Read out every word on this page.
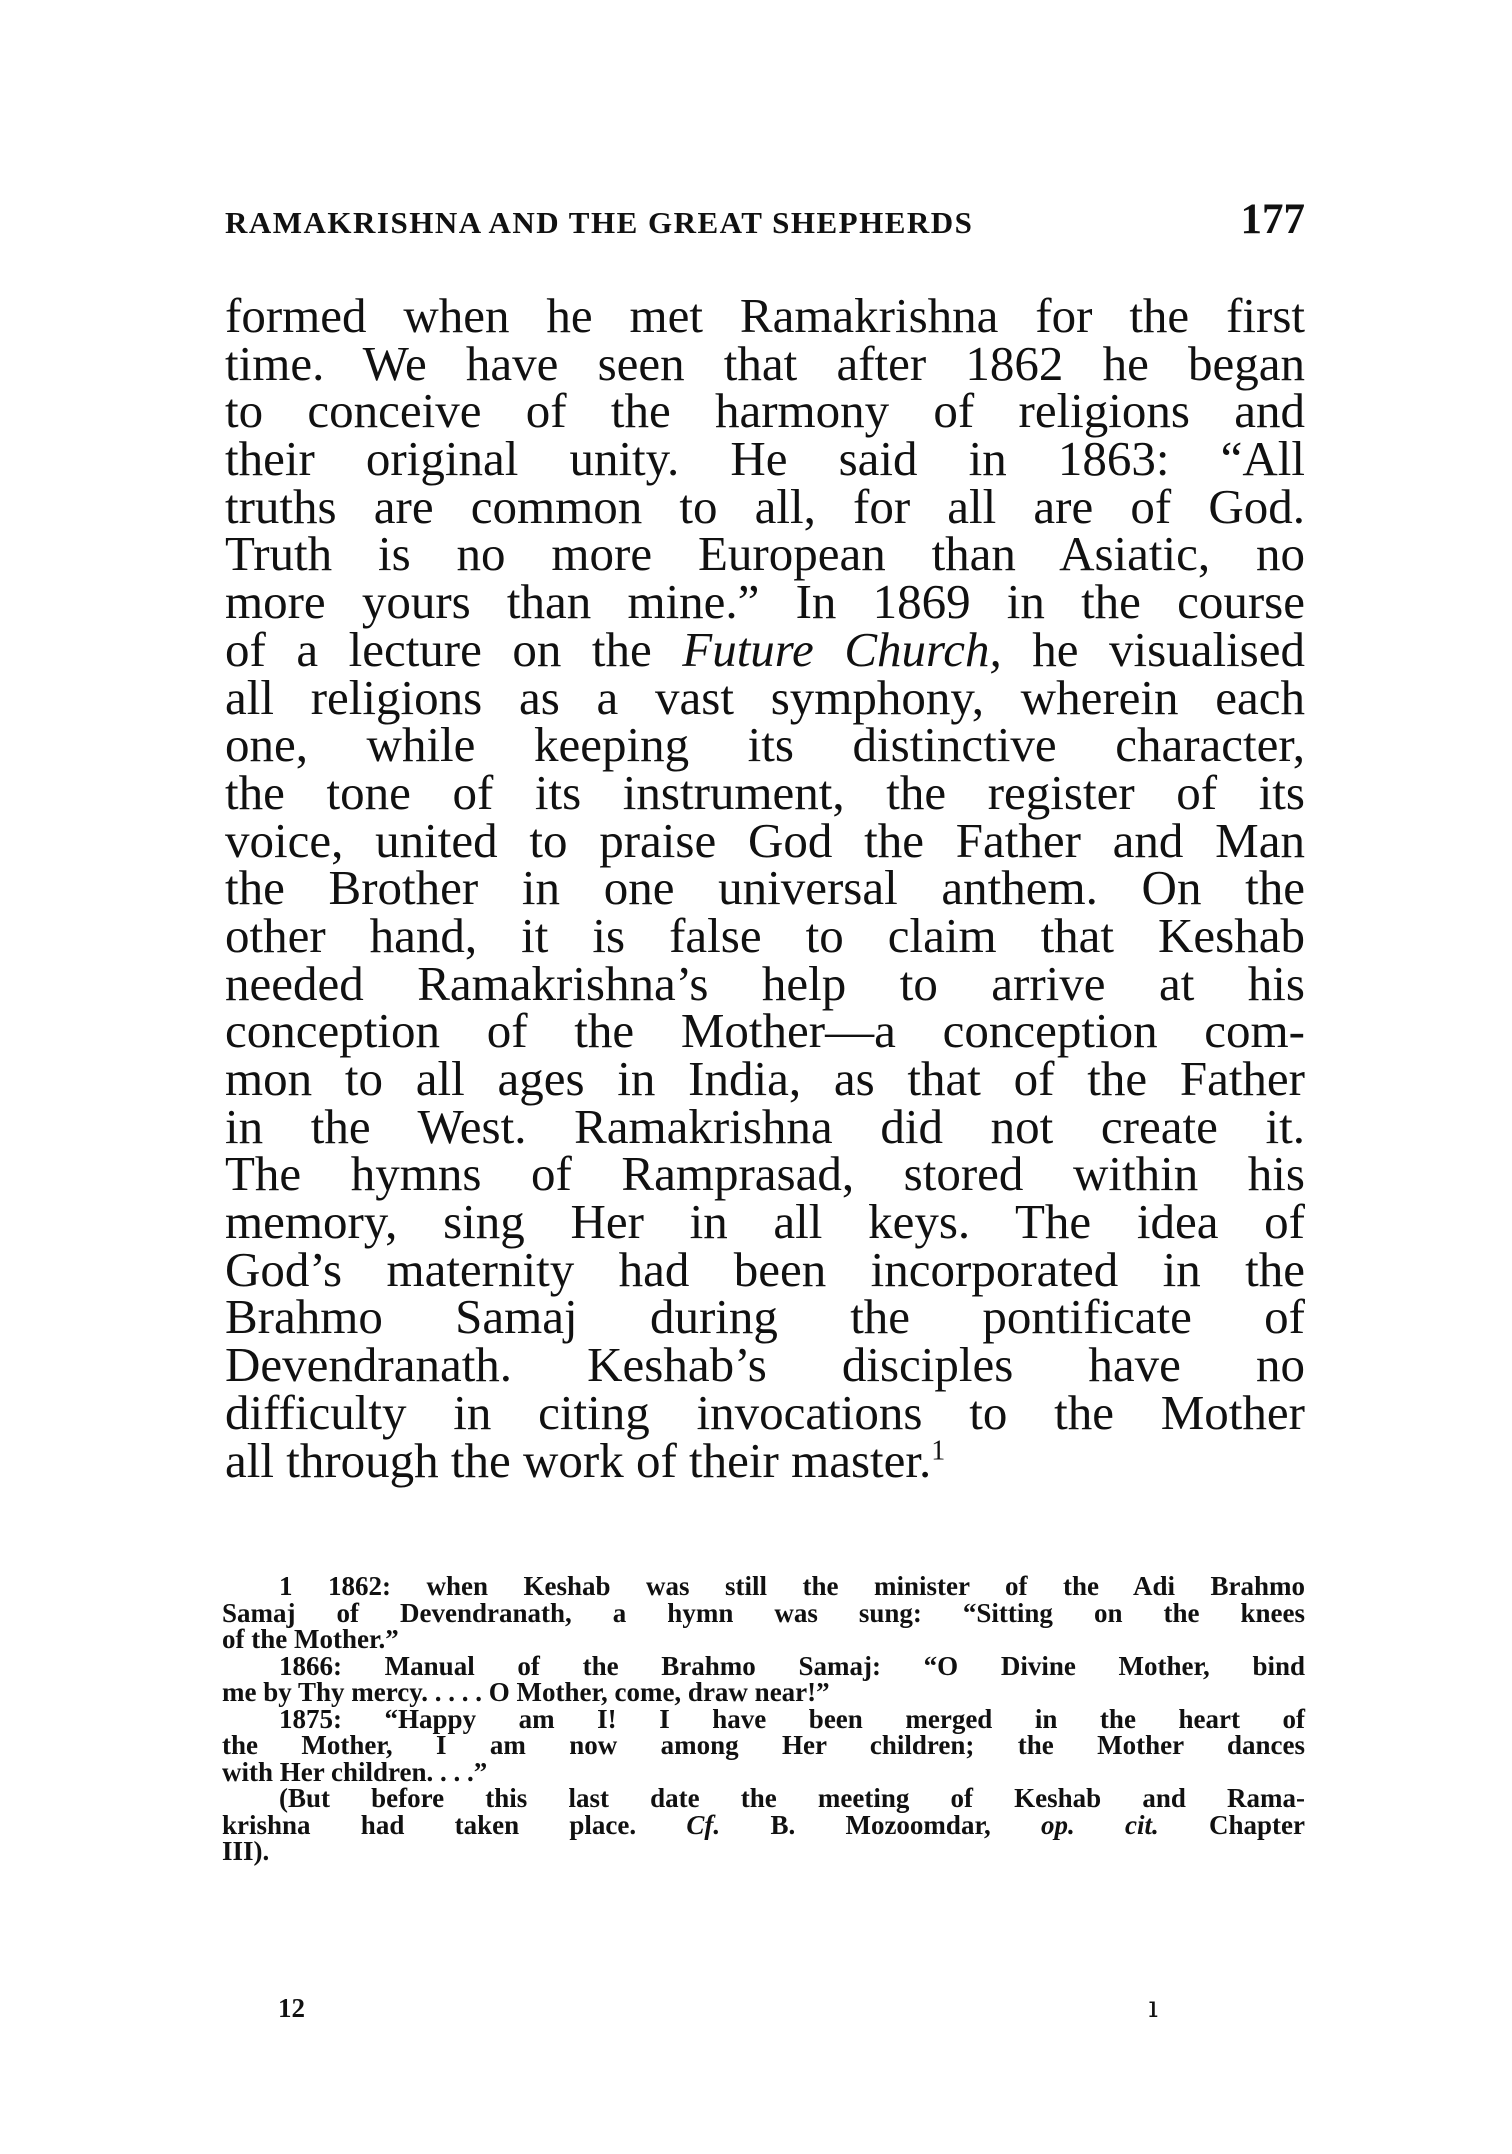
RAMAKRISHNA AND THE GREAT SHEPHERDS	177
formed when he met Ramakrishna for the first
time. We have seen that after 1862 he began
to conceive of the harmony of religions and
their original unity. He said in 1863: “All
truths are common to all, for all are of God.
Truth is no more European than Asiatic, no
more yours than mine.” In 1869 in the course
of a lecture on the Future Church, he visualised
all religions as a vast symphony, wherein each
one, while keeping its distinctive character,
the tone of its instrument, the register of its
voice, united to praise God the Father and Man
the Brother in one universal anthem. On the
other hand, it is false to claim that Keshab
needed Ramakrishna’s help to arrive at his
conception of the Mother—a conception com-
mon to all ages in India, as that of the Father
in the West. Ramakrishna did not create it.
The hymns of Ramprasad, stored within his
memory, sing Her in all keys. The idea of
God’s maternity had been incorporated in the
Brahmo Samaj during the pontificate of
Devendranath. Keshab’s disciples have no
difficulty in citing invocations to the Mother
all through the work of their master.$^1$
1 1862: when Keshab was still the minister of the Adi Brahmo
Samaj of Devendranath, a hymn was sung: “Sitting on the knees
of the Mother.”
1866: Manual of the Brahmo Samaj: “O Divine Mother, bind
me by Thy mercy. . . . . O Mother, come, draw near!”
1875: “Happy am I! I have been merged in the heart of
the Mother, I am now among Her children; the Mother dances
with Her children. . . .”
(But before this last date the meeting of Keshab and Rama-
krishna had taken place. Cf. B. Mozoomdar, op. cit. Chapter
III).
12	ı
